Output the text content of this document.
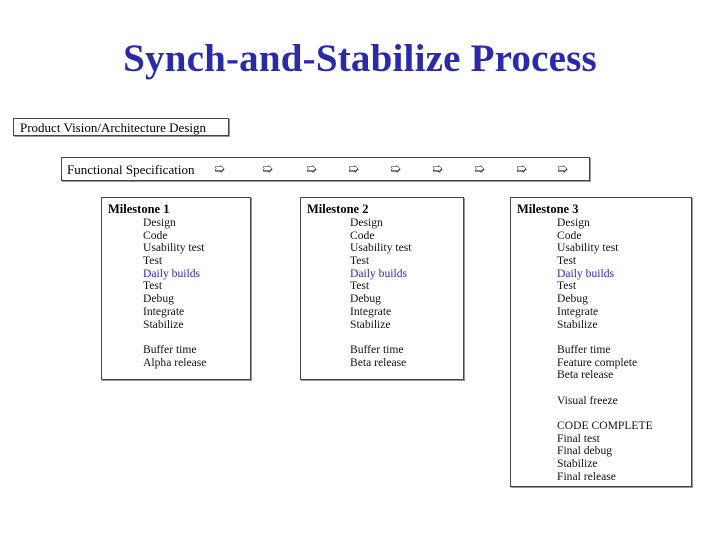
Synch-and-Stabilize Process
Product Vision/Architecture Design
Functional Specification ➯	➯	➯ ➯ ➯ ➯ ➯ ➯ ➯
Milestone 1
Design
Code
Usability test
Test
Daily builds
Test
Debug
Integrate
Stabilize
Buffer time
Alpha release
Milestone 2
Design
Code
Usability test
Test
Daily builds
Test
Debug
Integrate
Stabilize
Buffer time
Beta release
Milestone 3
Design
Code
Usability test
Test
Daily builds
Test
Debug
Integrate
Stabilize
Buffer time
Feature complete
Beta release
Visual freeze
CODE COMPLETE
Final test
Final debug
Stabilize
Final release
